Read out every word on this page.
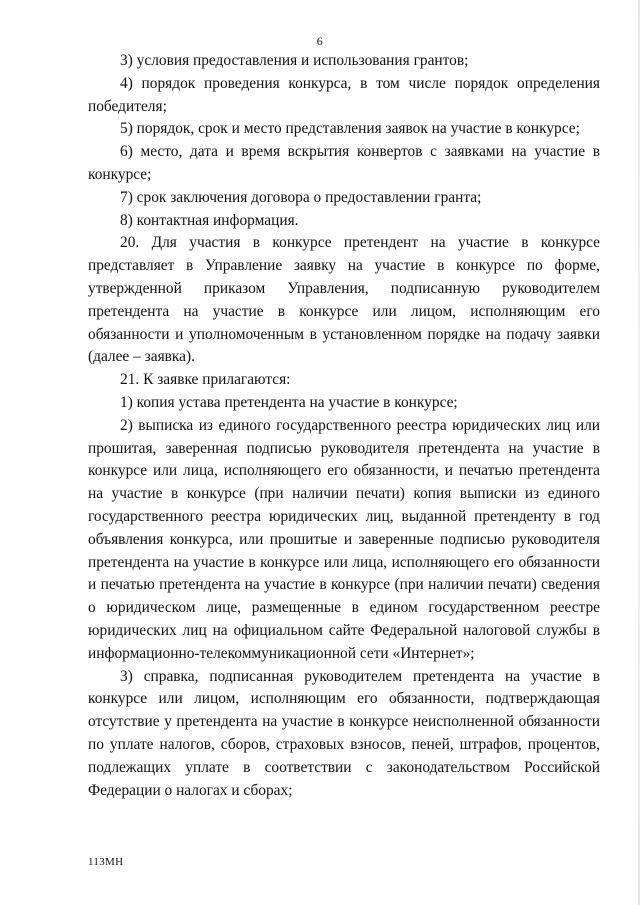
6

3) условия предоставления и использования грантов;

4) порядок проведения конкурса, в том числе порядок определения победителя;

5) порядок, срок и место представления заявок на участие в конкурсе;

6) место, дата и время вскрытия конвертов с заявками на участие в конкурсе;

7) срок заключения договора о предоставлении гранта;

8) контактная информация.

20. Для участия в конкурсе претендент на участие в конкурсе представляет в Управление заявку на участие в конкурсе по форме, утвержденной приказом Управления, подписанную руководителем претендента на участие в конкурсе или лицом, исполняющим его обязанности и уполномоченным в установленном порядке на подачу заявки (далее – заявка).

21. К заявке прилагаются:

1) копия устава претендента на участие в конкурсе;

2) выписка из единого государственного реестра юридических лиц или прошитая, заверенная подписью руководителя претендента на участие в конкурсе или лица, исполняющего его обязанности, и печатью претендента на участие в конкурсе (при наличии печати) копия выписки из единого государственного реестра юридических лиц, выданной претенденту в год объявления конкурса, или прошитые и заверенные подписью руководителя претендента на участие в конкурсе или лица, исполняющего его обязанности и печатью претендента на участие в конкурсе (при наличии печати) сведения о юридическом лице, размещенные в едином государственном реестре юридических лиц на официальном сайте Федеральной налоговой службы в информационно-телекоммуникационной сети «Интернет»;

3) справка, подписанная руководителем претендента на участие в конкурсе или лицом, исполняющим его обязанности, подтверждающая отсутствие у претендента на участие в конкурсе неисполненной обязанности по уплате налогов, сборов, страховых взносов, пеней, штрафов, процентов, подлежащих уплате в соответствии с законодательством Российской Федерации о налогах и сборах;

113МН
